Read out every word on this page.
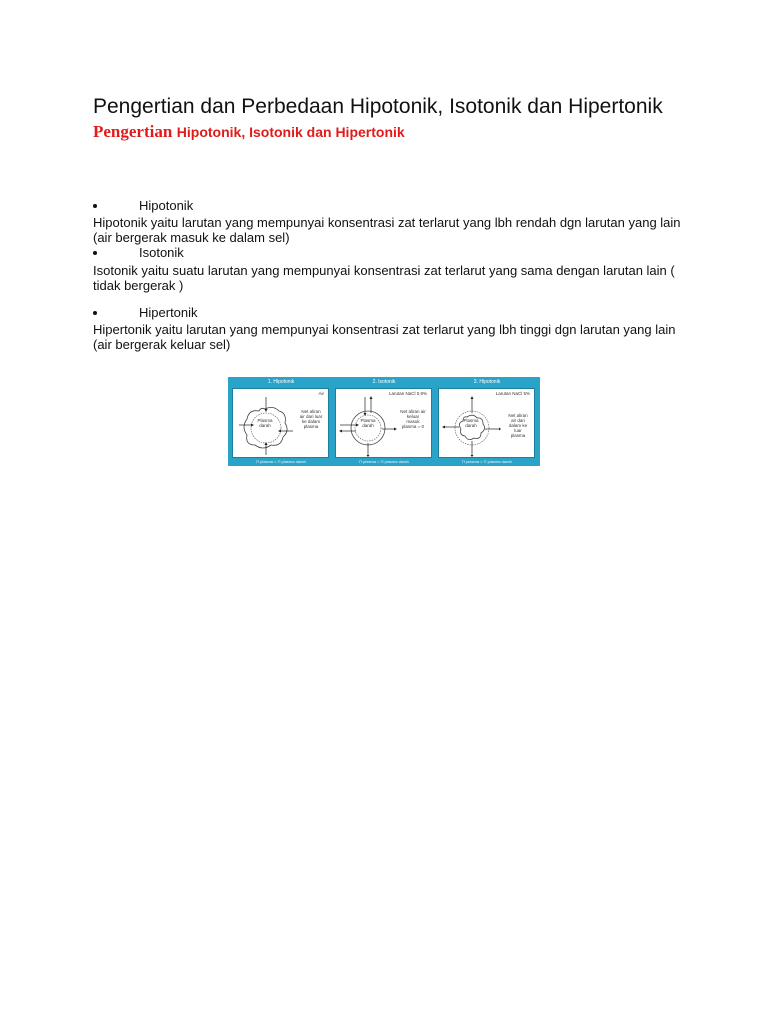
Pengertian dan Perbedaan Hipotonik, Isotonik dan Hipertonik
Pengertian Hipotonik, Isotonik dan Hipertonik
Hipotonik

Hipotonik yaitu larutan yang mempunyai konsentrasi zat terlarut yang lbh rendah dgn larutan yang lain (air bergerak masuk ke dalam sel)

Isotonik

Isotonik yaitu suatu larutan yang mempunyai konsentrasi zat terlarut yang sama dengan larutan lain ( tidak bergerak )

Hipertonik

Hipertonik yaitu larutan yang mempunyai konsentrasi zat terlarut yang lbh tinggi dgn larutan yang lain (air bergerak keluar sel)

1. Hipotonik
Air
Plasma darah
Net aliran air dari luar ke dalam plasma
Π plasma < Π plasma darah
2. Isotonik
Larutan NaCl 0,9%
Plasma darah
Net aliran air keluar masuk plasma = 0
Π plasma = Π plasma darah
3. Hipotonik
Larutan NaCl 5%
Plasma darah
Net aliran air dari dalam ke luar plasma
Π plasma > Π plasma darah
